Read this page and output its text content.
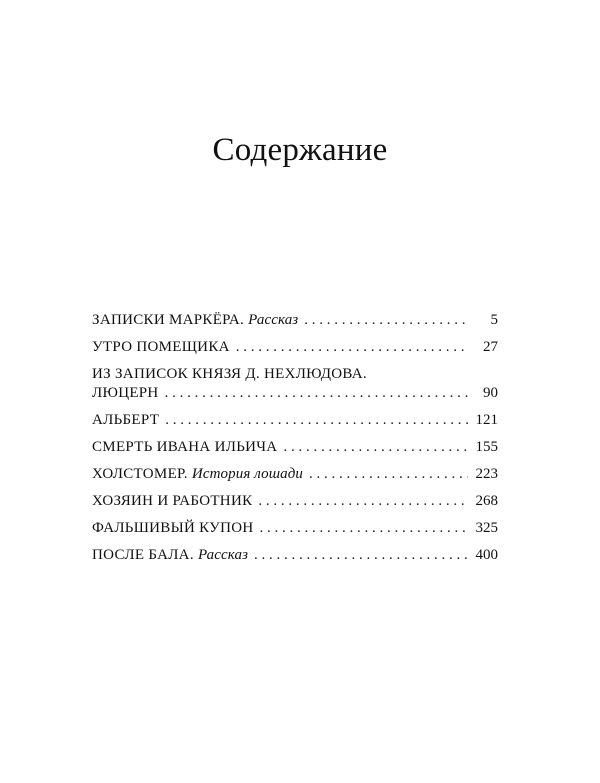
Содержание
ЗАПИСКИ МАРКЁРА. Рассказ . . .	5
УТРО ПОМЕЩИКА . . .	27
ИЗ ЗАПИСОК КНЯЗЯ Д. НЕХЛЮДОВА.
ЛЮЦЕРН . . .	90
АЛЬБЕРТ . . .	121
СМЕРТЬ ИВАНА ИЛЬИЧА . . .	155
ХОЛСТОМЕР. История лошади . . .	223
ХОЗЯИН И РАБОТНИК . . .	268
ФАЛЬШИВЫЙ КУПОН . . .	325
ПОСЛЕ БАЛА. Рассказ . . .	400
